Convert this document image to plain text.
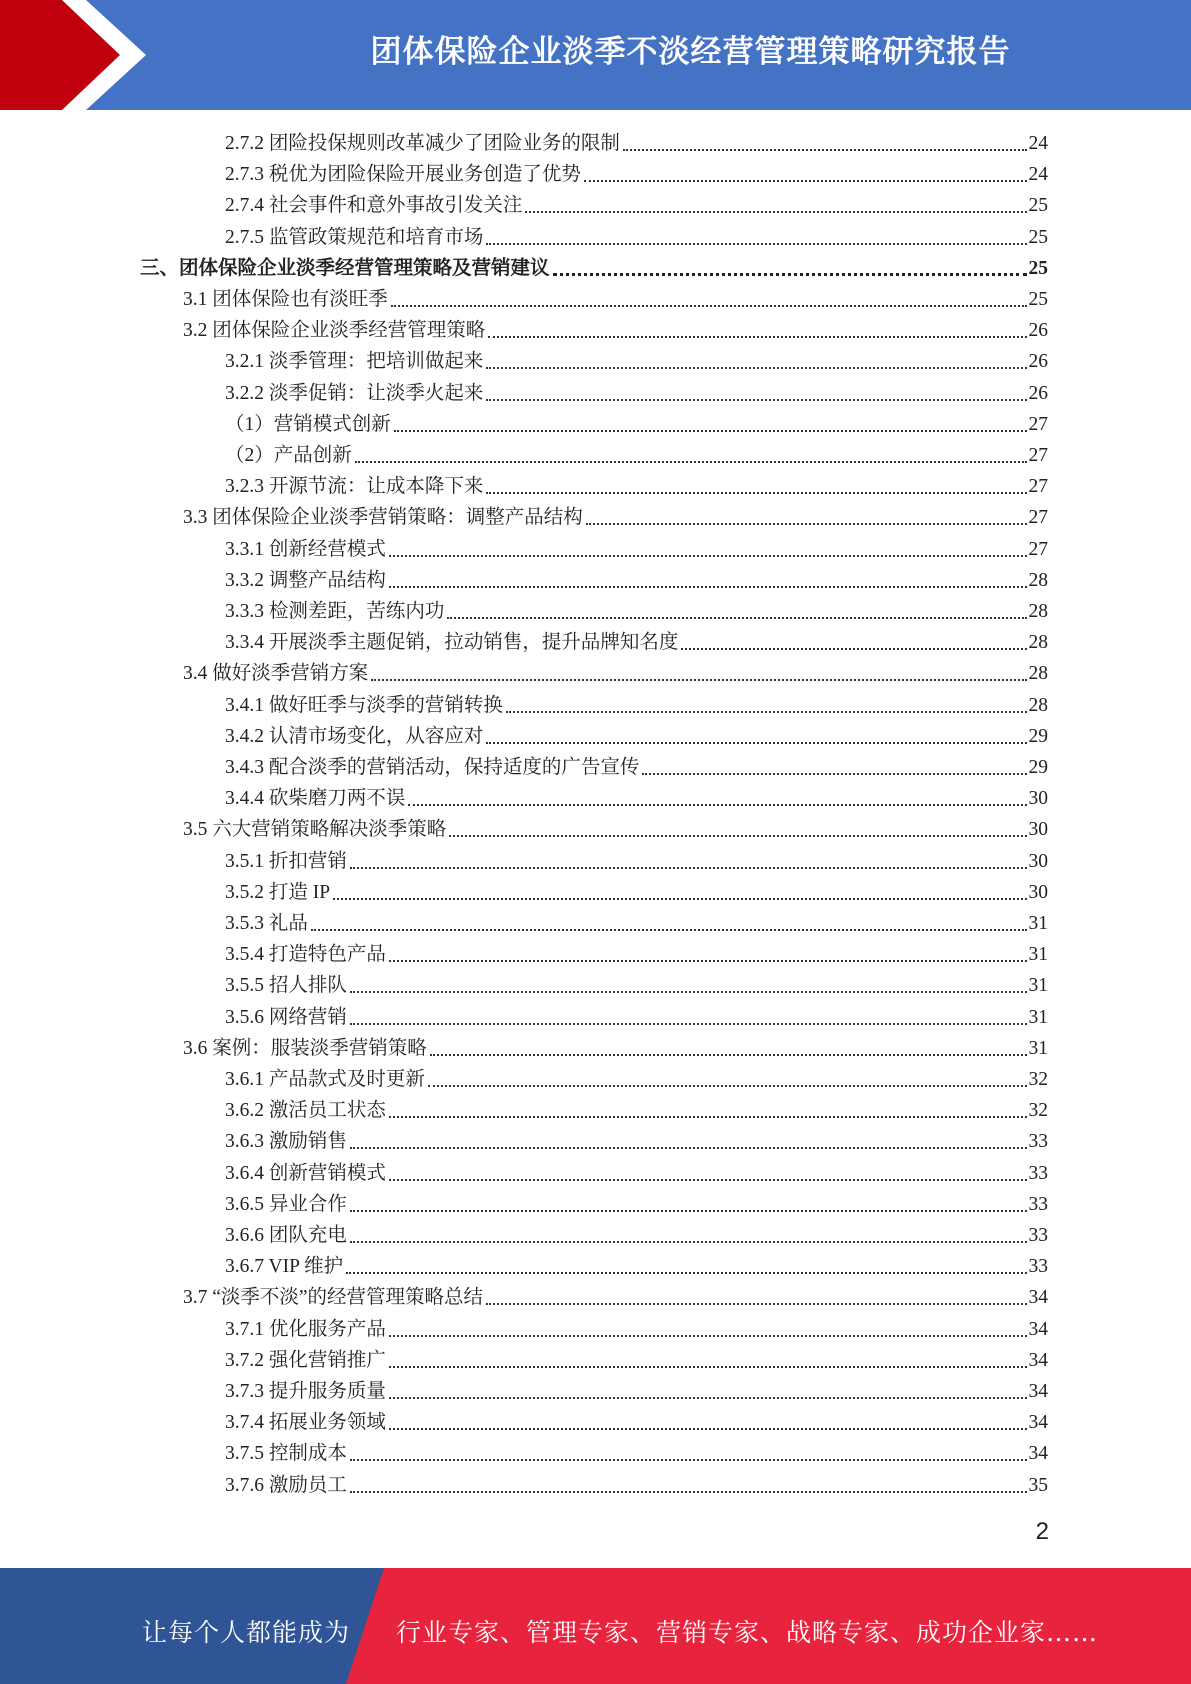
团体保险企业淡季不淡经营管理策略研究报告
2.7.2 团险投保规则改革减少了团险业务的限制	24
2.7.3 税优为团险保险开展业务创造了优势	24
2.7.4 社会事件和意外事故引发关注	25
2.7.5 监管政策规范和培育市场	25
三、团体保险企业淡季经营管理策略及营销建议	25
3.1 团体保险也有淡旺季	25
3.2 团体保险企业淡季经营管理策略	26
3.2.1 淡季管理：把培训做起来	26
3.2.2 淡季促销：让淡季火起来	26
（1）营销模式创新	27
（2）产品创新	27
3.2.3 开源节流：让成本降下来	27
3.3 团体保险企业淡季营销策略：调整产品结构	27
3.3.1 创新经营模式	27
3.3.2 调整产品结构	28
3.3.3 检测差距，苦练内功	28
3.3.4 开展淡季主题促销，拉动销售，提升品牌知名度	28
3.4 做好淡季营销方案	28
3.4.1 做好旺季与淡季的营销转换	28
3.4.2 认清市场变化，从容应对	29
3.4.3 配合淡季的营销活动，保持适度的广告宣传	29
3.4.4 砍柴磨刀两不误	30
3.5 六大营销策略解决淡季策略	30
3.5.1 折扣营销	30
3.5.2 打造 IP	30
3.5.3 礼品	31
3.5.4 打造特色产品	31
3.5.5 招人排队	31
3.5.6 网络营销	31
3.6 案例：服装淡季营销策略	31
3.6.1 产品款式及时更新	32
3.6.2 激活员工状态	32
3.6.3 激励销售	33
3.6.4 创新营销模式	33
3.6.5 异业合作	33
3.6.6 团队充电	33
3.6.7 VIP 维护	33
3.7 “淡季不淡”的经营管理策略总结	34
3.7.1 优化服务产品	34
3.7.2 强化营销推广	34
3.7.3 提升服务质量	34
3.7.4 拓展业务领域	34
3.7.5 控制成本	34
3.7.6 激励员工	35
2
让每个人都能成为 行业专家、管理专家、营销专家、战略专家、成功企业家……
